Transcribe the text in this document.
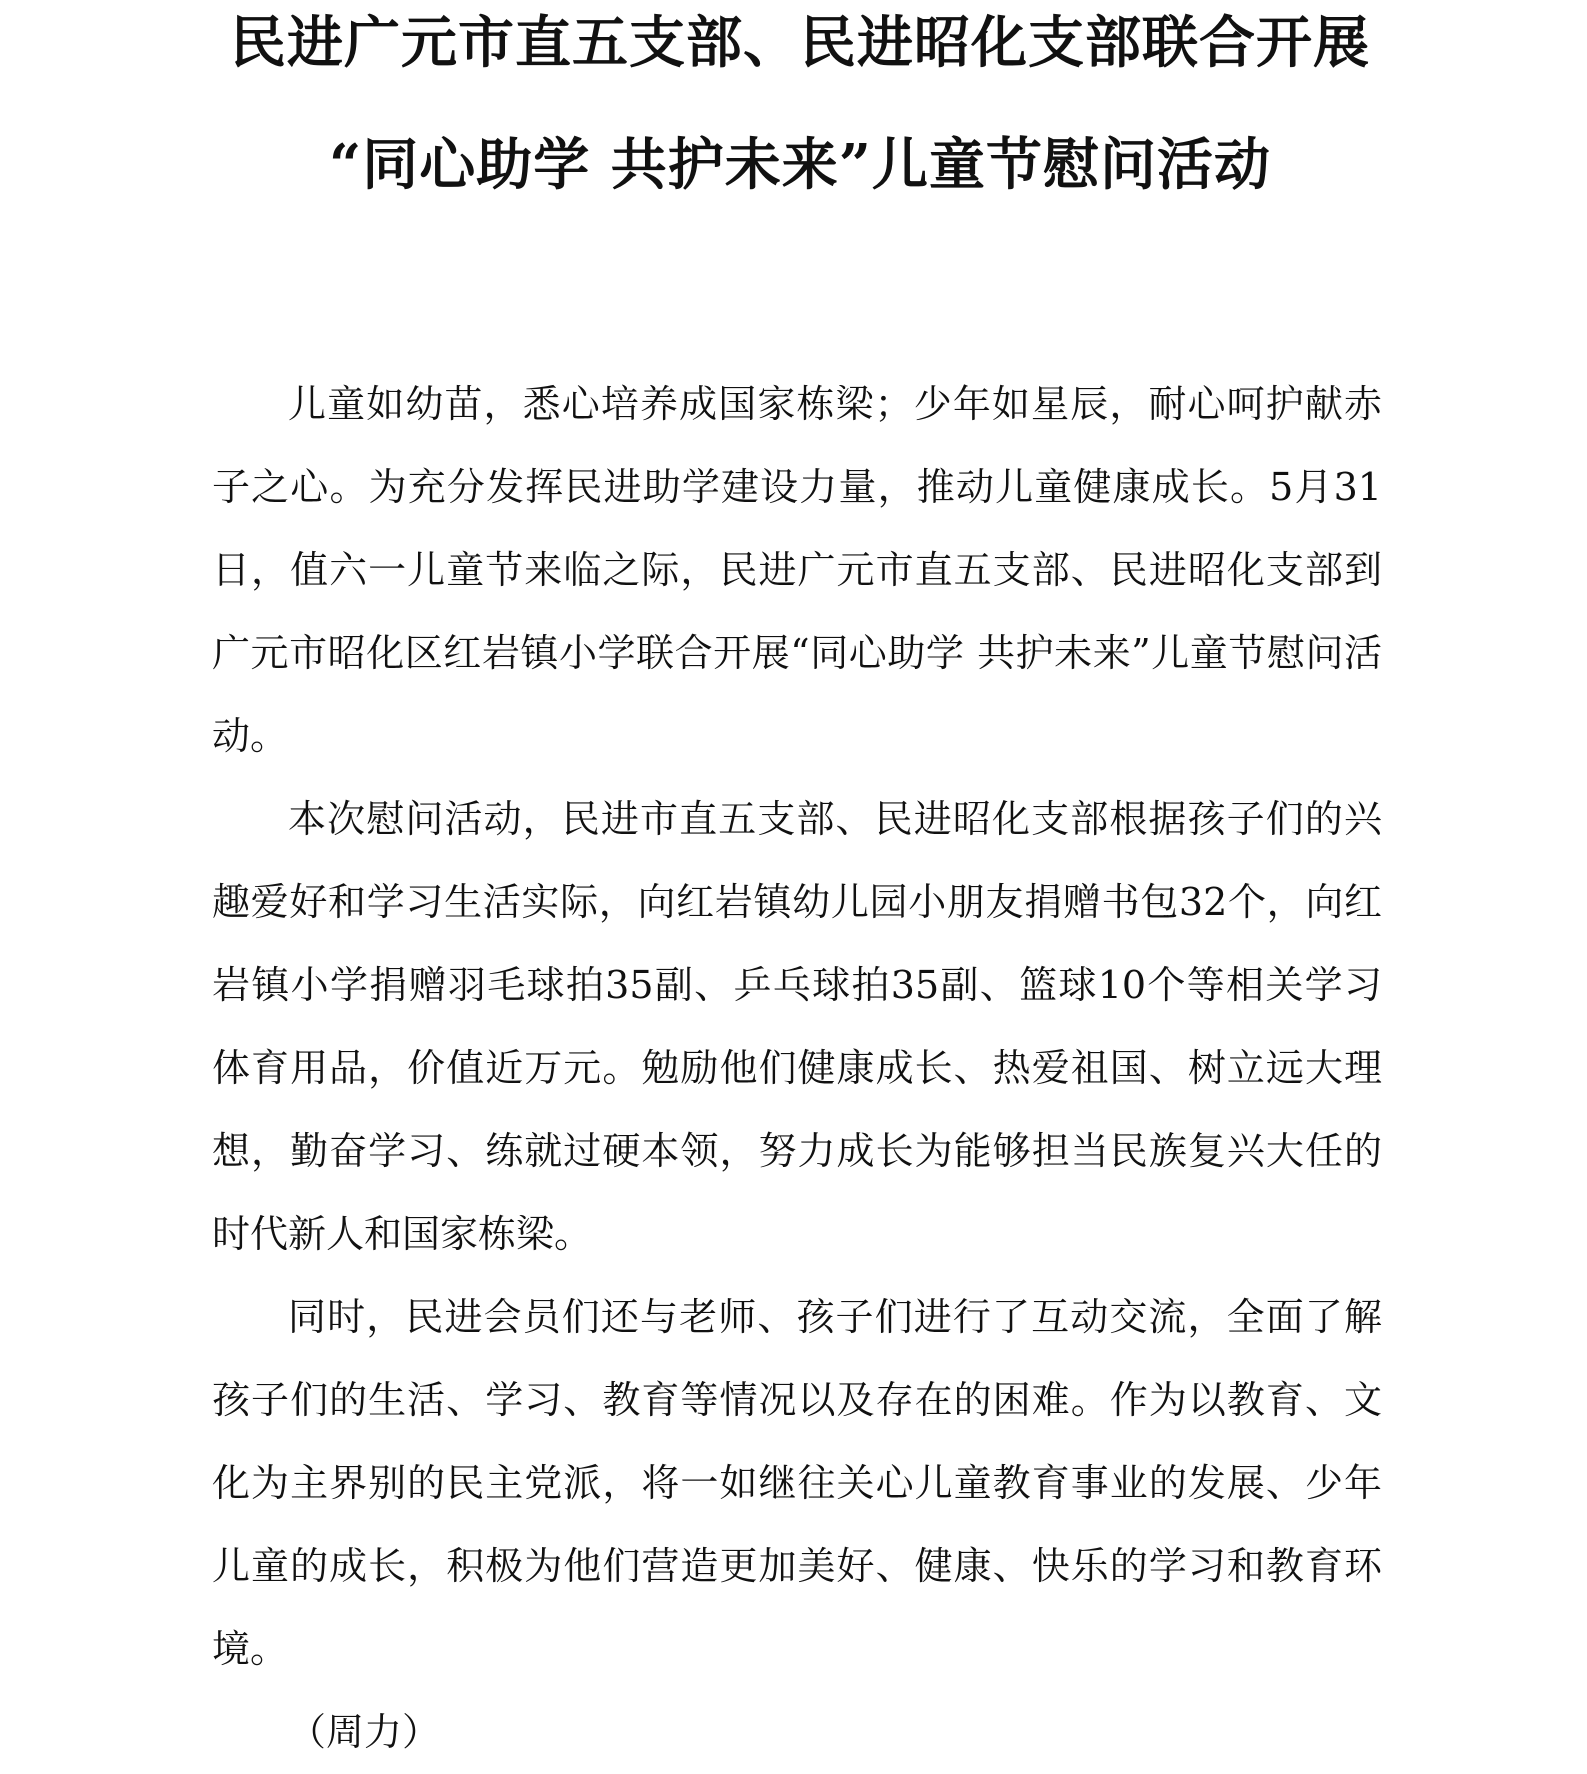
民进广元市直五支部、民进昭化支部联合开展
“同心助学 共护未来”儿童节慰问活动

儿童如幼苗，悉心培养成国家栋梁；少年如星辰，耐心呵护献赤子之心。为充分发挥民进助学建设力量，推动儿童健康成长。5月31日，值六一儿童节来临之际，民进广元市直五支部、民进昭化支部到广元市昭化区红岩镇小学联合开展“同心助学 共护未来”儿童节慰问活动。

本次慰问活动，民进市直五支部、民进昭化支部根据孩子们的兴趣爱好和学习生活实际，向红岩镇幼儿园小朋友捐赠书包32个，向红岩镇小学捐赠羽毛球拍35副、乒乓球拍35副、篮球10个等相关学习体育用品，价值近万元。勉励他们健康成长、热爱祖国、树立远大理想，勤奋学习、练就过硬本领，努力成长为能够担当民族复兴大任的时代新人和国家栋梁。

同时，民进会员们还与老师、孩子们进行了互动交流，全面了解孩子们的生活、学习、教育等情况以及存在的困难。作为以教育、文化为主界别的民主党派，将一如继往关心儿童教育事业的发展、少年儿童的成长，积极为他们营造更加美好、健康、快乐的学习和教育环境。

（周力）
